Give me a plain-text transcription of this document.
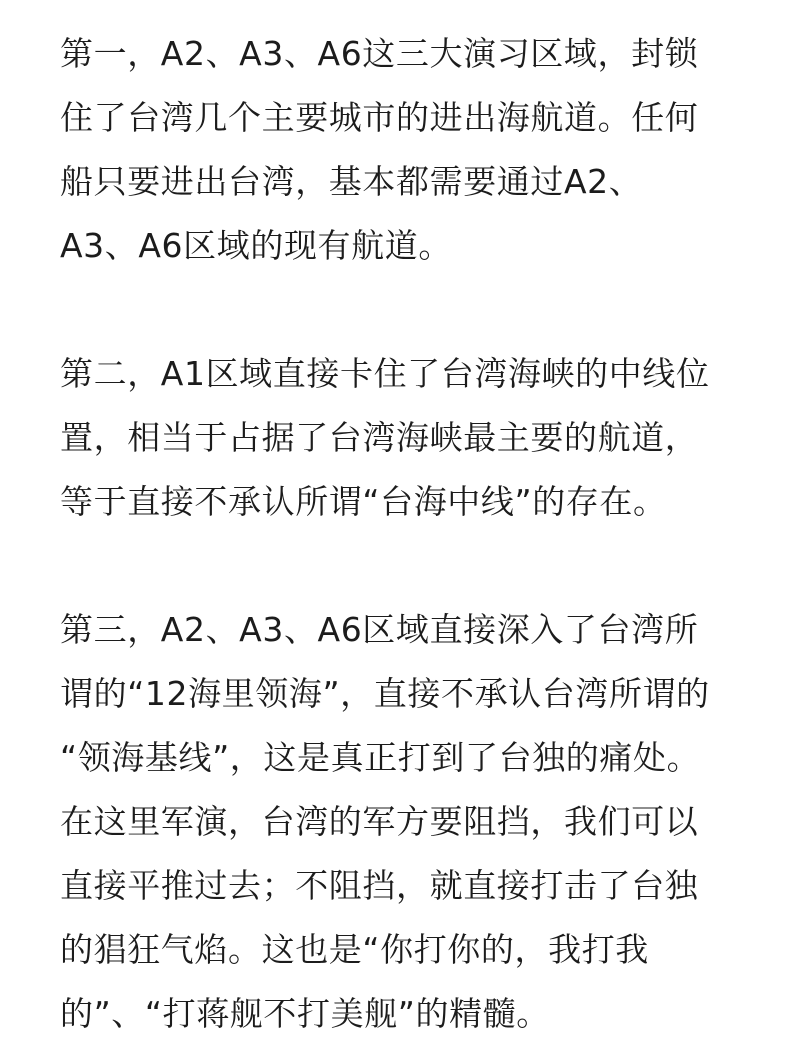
第一，A2、A3、A6这三大演习区域，封锁
住了台湾几个主要城市的进出海航道。任何
船只要进出台湾，基本都需要通过A2、
A3、A6区域的现有航道。

第二，A1区域直接卡住了台湾海峡的中线位
置，相当于占据了台湾海峡最主要的航道，
等于直接不承认所谓“台海中线”的存在。

第三，A2、A3、A6区域直接深入了台湾所
谓的“12海里领海”，直接不承认台湾所谓的
“领海基线”，这是真正打到了台独的痛处。
在这里军演，台湾的军方要阻挡，我们可以
直接平推过去；不阻挡，就直接打击了台独
的猖狂气焰。这也是“你打你的，我打我
的”、“打蒋舰不打美舰”的精髓。
